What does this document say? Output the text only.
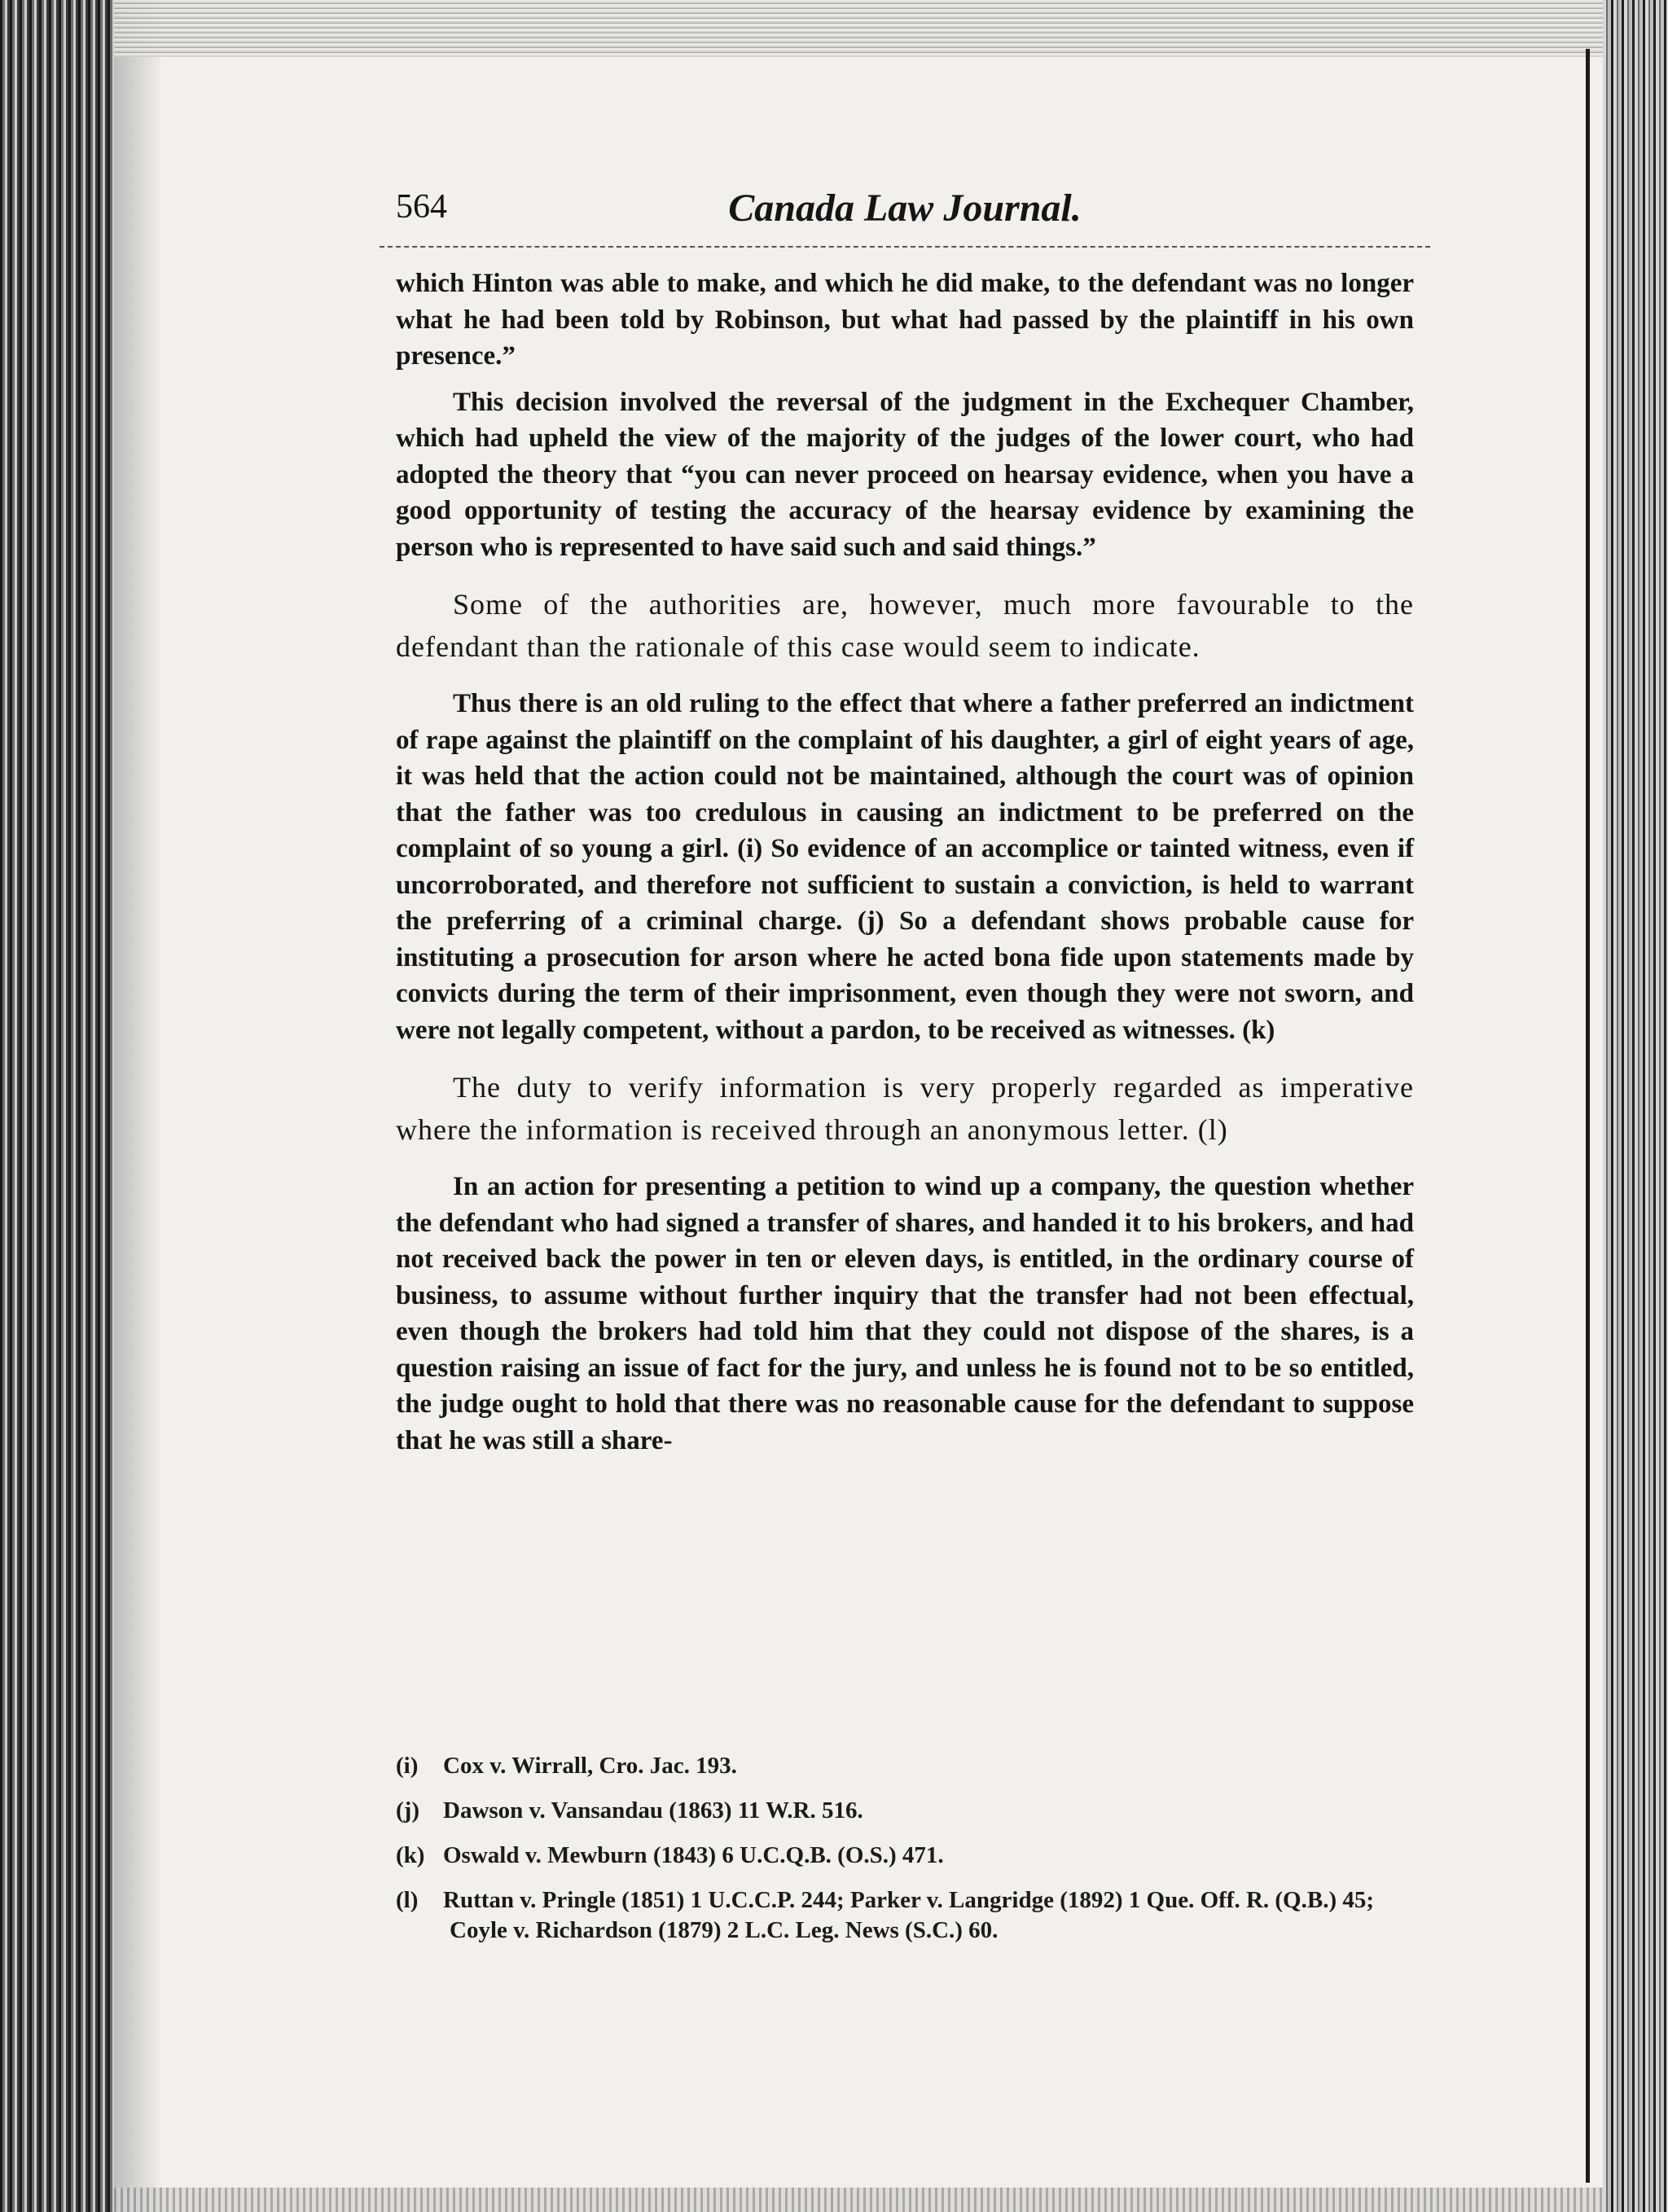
564	Canada Law Journal.

which Hinton was able to make, and which he did make, to the defendant was no longer what he had been told by Robinson, but what had passed by the plaintiff in his own presence.”

This decision involved the reversal of the judgment in the Exchequer Chamber, which had upheld the view of the majority of the judges of the lower court, who had adopted the theory that “you can never proceed on hearsay evidence, when you have a good opportunity of testing the accuracy of the hearsay evidence by examining the person who is represented to have said such and said things.”

Some of the authorities are, however, much more favourable to the defendant than the rationale of this case would seem to indicate.

Thus there is an old ruling to the effect that where a father preferred an indictment of rape against the plaintiff on the complaint of his daughter, a girl of eight years of age, it was held that the action could not be maintained, although the court was of opinion that the father was too credulous in causing an indictment to be preferred on the complaint of so young a girl. (i) So evidence of an accomplice or tainted witness, even if uncorroborated, and therefore not sufficient to sustain a conviction, is held to warrant the preferring of a criminal charge. (j) So a defendant shows probable cause for instituting a prosecution for arson where he acted bona fide upon statements made by convicts during the term of their imprisonment, even though they were not sworn, and were not legally competent, without a pardon, to be received as witnesses. (k)

The duty to verify information is very properly regarded as imperative where the information is received through an anonymous letter. (l)

In an action for presenting a petition to wind up a company, the question whether the defendant who had signed a transfer of shares, and handed it to his brokers, and had not received back the power in ten or eleven days, is entitled, in the ordinary course of business, to assume without further inquiry that the transfer had not been effectual, even though the brokers had told him that they could not dispose of the shares, is a question raising an issue of fact for the jury, and unless he is found not to be so entitled, the judge ought to hold that there was no reasonable cause for the defendant to suppose that he was still a share-

(i) Cox v. Wirrall, Cro. Jac. 193.

(j) Dawson v. Vansandau (1863) 11 W.R. 516.

(k) Oswald v. Mewburn (1843) 6 U.C.Q.B. (O.S.) 471.

(l) Ruttan v. Pringle (1851) 1 U.C.C.P. 244; Parker v. Langridge (1892) 1 Que. Off. R. (Q.B.) 45; Coyle v. Richardson (1879) 2 L.C. Leg. News (S.C.) 60.
